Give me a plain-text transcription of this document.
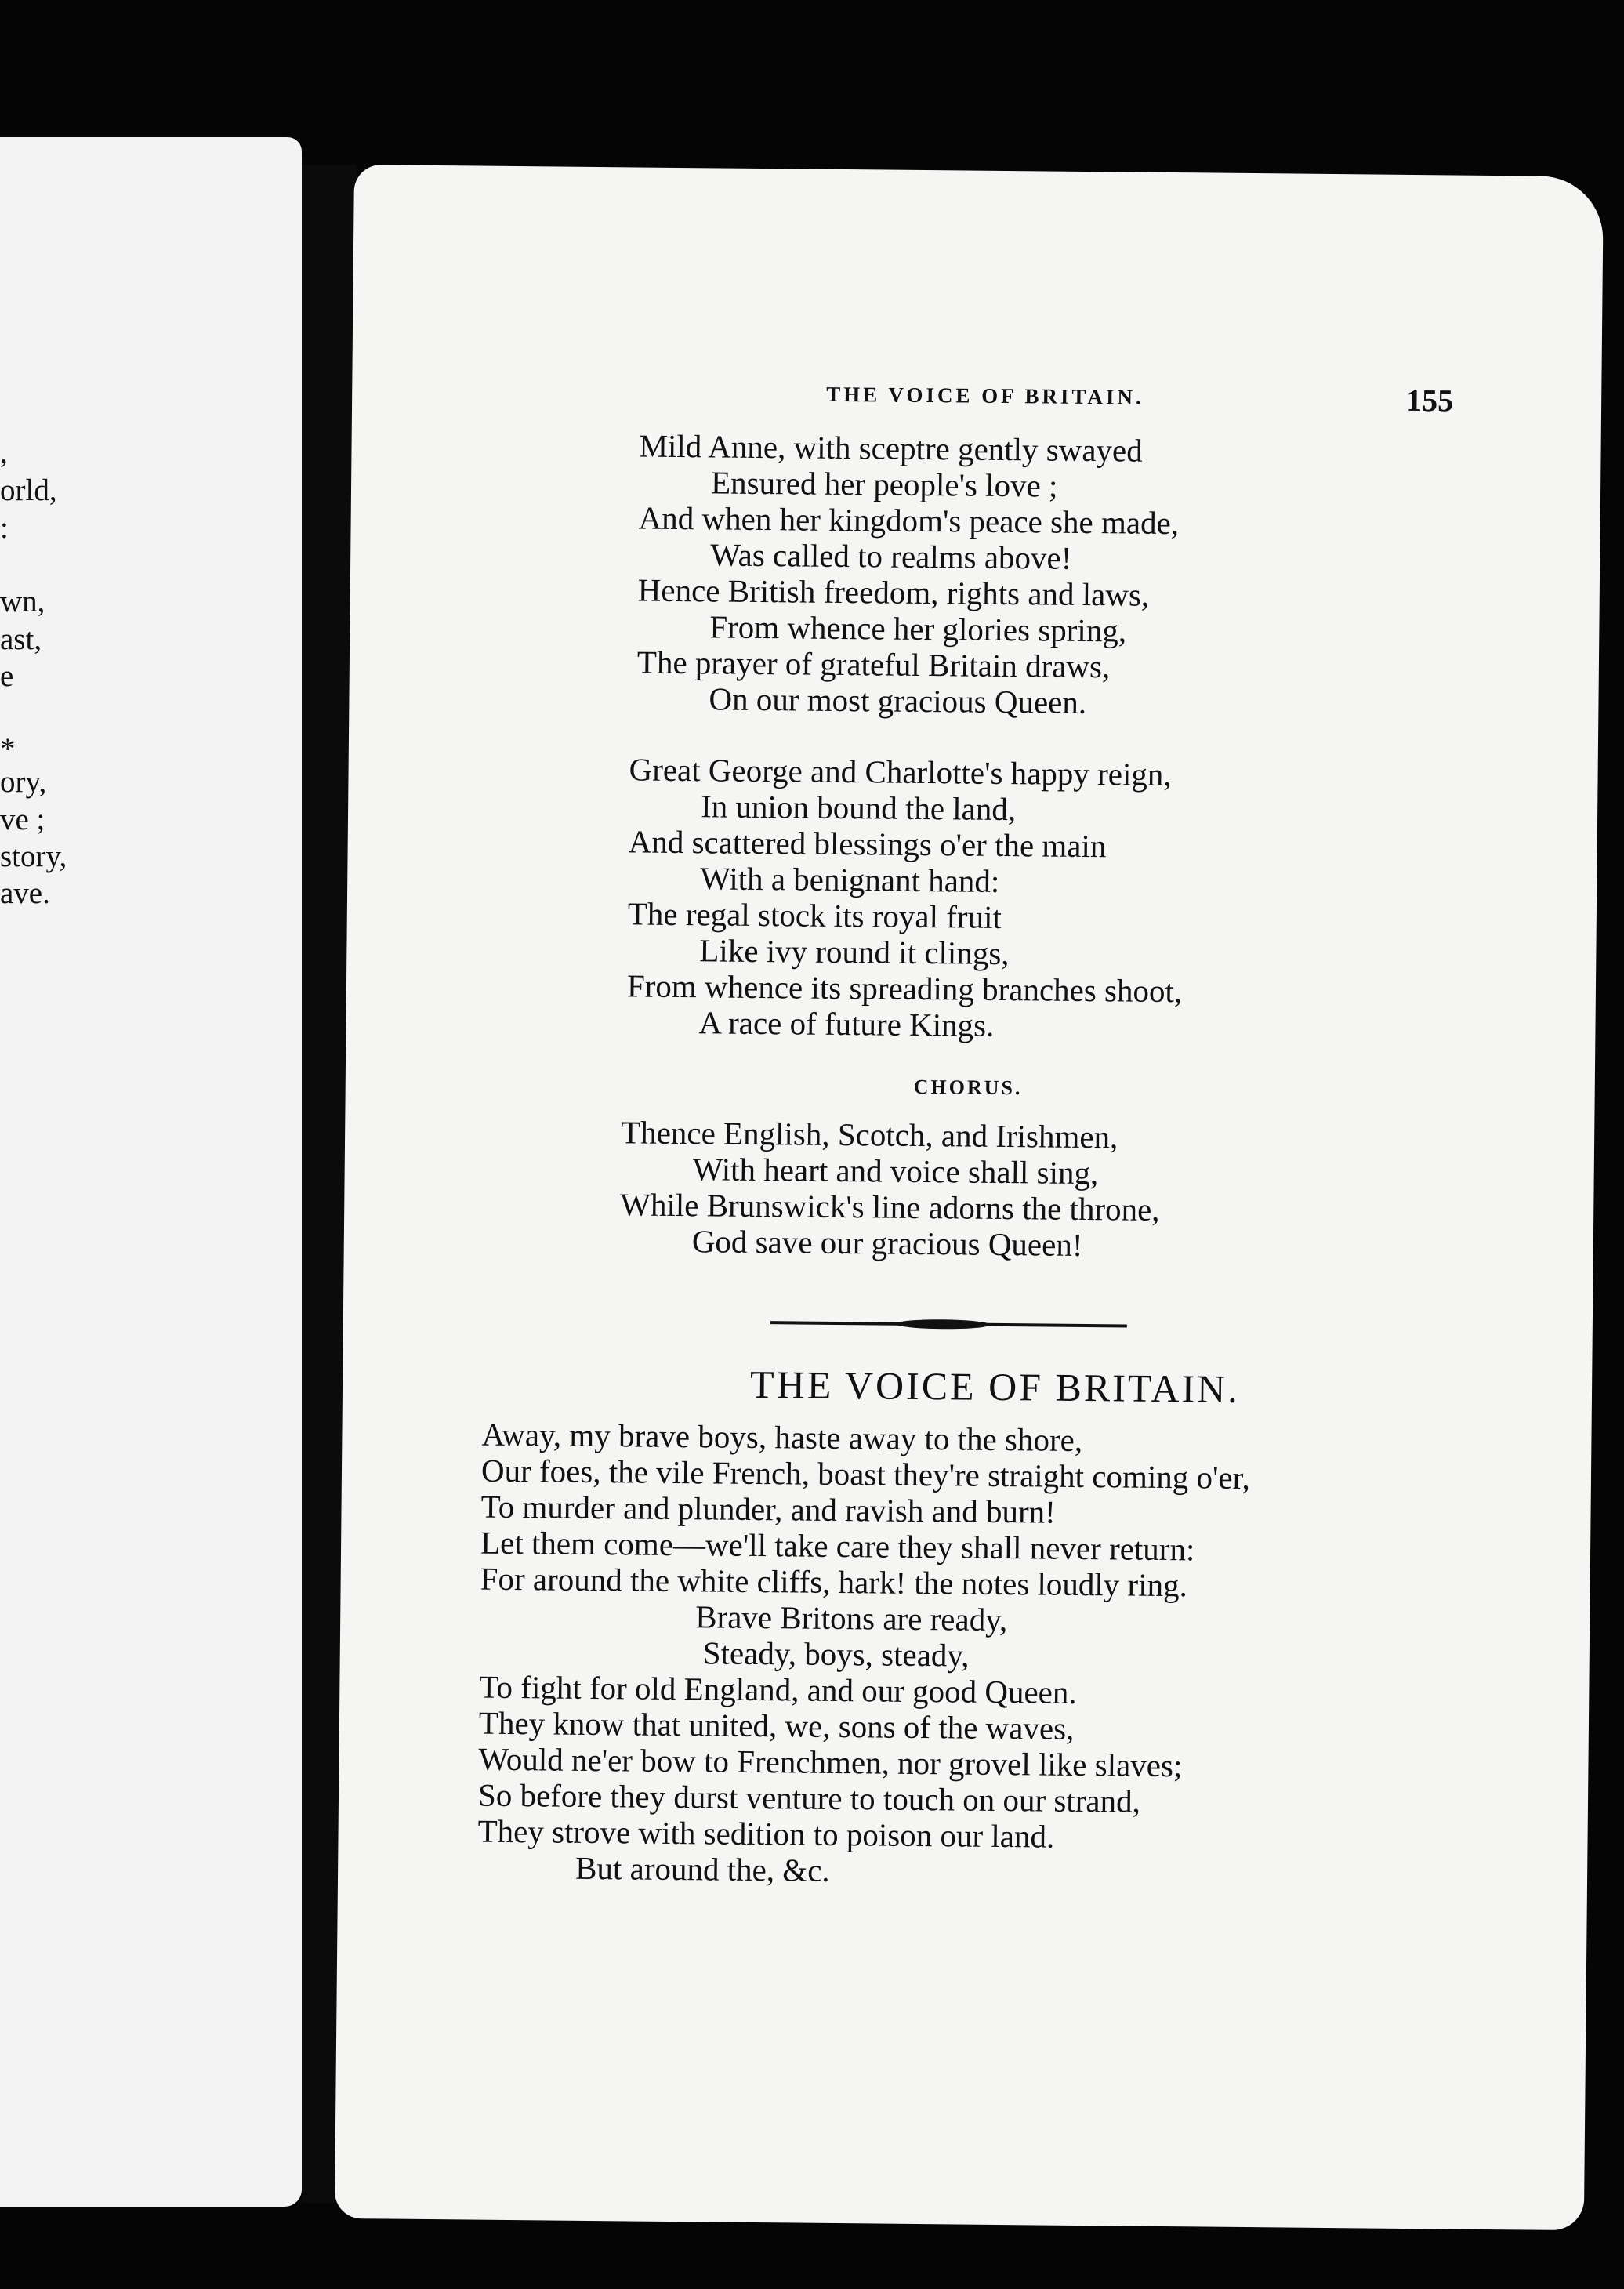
,

orld,

:

wn,

ast,

e

*

ory,

ve ;

story,

ave.

THE VOICE OF BRITAIN.	155
Mild Anne, with sceptre gently swayed
Ensured her people's love ;
And when her kingdom's peace she made,
Was called to realms above!
Hence British freedom, rights and laws,
From whence her glories spring,
The prayer of grateful Britain draws,
On our most gracious Queen.
Great George and Charlotte's happy reign,
In union bound the land,
And scattered blessings o'er the main
With a benignant hand:
The regal stock its royal fruit
Like ivy round it clings,
From whence its spreading branches shoot,
A race of future Kings.
CHORUS.
Thence English, Scotch, and Irishmen,
With heart and voice shall sing,
While Brunswick's line adorns the throne,
God save our gracious Queen!
THE VOICE OF BRITAIN.
Away, my brave boys, haste away to the shore,
Our foes, the vile French, boast they're straight coming o'er,
To murder and plunder, and ravish and burn!
Let them come—we'll take care they shall never return:
For around the white cliffs, hark! the notes loudly ring.
Brave Britons are ready,
Steady, boys, steady,
To fight for old England, and our good Queen.
They know that united, we, sons of the waves,
Would ne'er bow to Frenchmen, nor grovel like slaves;
So before they durst venture to touch on our strand,
They strove with sedition to poison our land.
But around the, &c.
